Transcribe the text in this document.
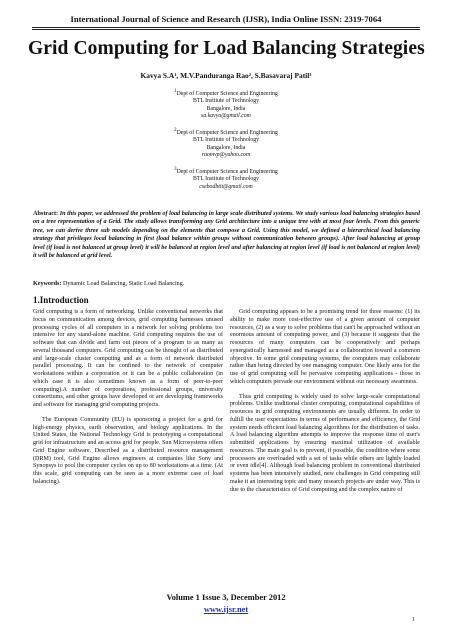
International Journal of Science and Research (IJSR), India Online ISSN: 2319-7064
Grid Computing for Load Balancing Strategies
Kavya S.A¹, M.V.Panduranga Rao², S.Basavaraj Patil³
$^1$Dept of Computer Science and Engineering
BTL Institute of Technology
Bangalore, India
sa.kavya@gmail.com
$^2$Dept of Computer Science and Engineering
BTL Institute of Technology
Bangalore, India
raomvp@yahoo.com
$^3$Dept of Computer Science and Engineering
BTL Institute of Technology
csebodbtit@gmail.com
Abstract: In this paper, we addressed the problem of load balancing in large scale distributed systems. We study various load balancing strategies based on a tree representation of a Grid. The study allows transforming any Grid architecture into a unique tree with at most four levels. From this generic tree, we can derive three sub models depending on the elements that compose a Grid. Using this model, we defined a hierarchical load balancing strategy that privileges local balancing in first (load balance within groups without communication between groups). After load balancing at group level (if load is not balanced at group level) it will be balanced at region level and after balancing at region level (if load is not balanced at region level) it will be balanced at grid level.
Keywords: Dynamic Load Balancing, Static Load Balancing.
1.Introduction

Grid computing is a form of networking. Unlike conventional networks that focus on communication among devices, grid computing harnesses unused processing cycles of all computers in a network for solving problems too intensive for any stand-alone machine. Grid computing requires the use of software that can divide and farm out pieces of a program to as many as several thousand computers. Grid computing can be thought of as distributed and large-scale cluster computing and as a form of network distributed parallel processing. It can be confined to the network of computer workstations within a corporation or it can be a public collaboration (in which case it is also sometimes known as a form of peer-to-peer computing).A number of corporations, professional groups, university consortiums, and other groups have developed or are developing frameworks and software for managing grid computing projects.

The European Community (EU) is sponsoring a project for a grid for high-energy physics, earth observation, and biology applications. In the United States, the National Technology Grid is prototyping a computational grid for infrastructure and an access grid for people. Sun Microsystems offers Grid Engine software. Described as a distributed resource management (DRM) tool, Grid Engine allows engineers at companies like Sony and Synopsys to pool the computer cycles on up to 80 workstations at a time. (At this scale, grid computing can be seen as a more extreme case of load balancing).

Grid computing appears to be a promising trend for three reasons: (1) its ability to make more cost-effective use of a given amount of computer resources, (2) as a way to solve problems that can't be approached without an enormous amount of computing power, and (3) because it suggests that the resources of many computers can be cooperatively and perhaps synergistically harnessed and managed as a collaboration toward a common objective. In some grid computing systems, the computers may collaborate rather than being directed by one managing computer. One likely area for the use of grid computing will be pervasive computing applications - those in which computers pervade our environment without our necessary awareness.

Thus grid computing is widely used to solve large-scale computational problems. Unlike traditional cluster computing, computational capabilities of resources in grid computing environments are usually different. In order to fulfill the user expectations in terms of performance and efficiency, the Grid system needs efficient load balancing algorithms for the distribution of tasks. A load balancing algorithm attempts to improve the response time of user's submitted applications by ensuring maximal utilization of available resources. The main goal is to prevent, if possible, the condition where some processors are overloaded with a set of tasks while others are lightly loaded or even idle[4]. Although load balancing problem in conventional distributed systems has been intensively studied, new challenges in Grid computing still make it an interesting topic and many research projects are under way. This is due to the characteristics of Grid computing and the complex nature of

Volume 1 Issue 3, December 2012
www.ijsr.net
1
